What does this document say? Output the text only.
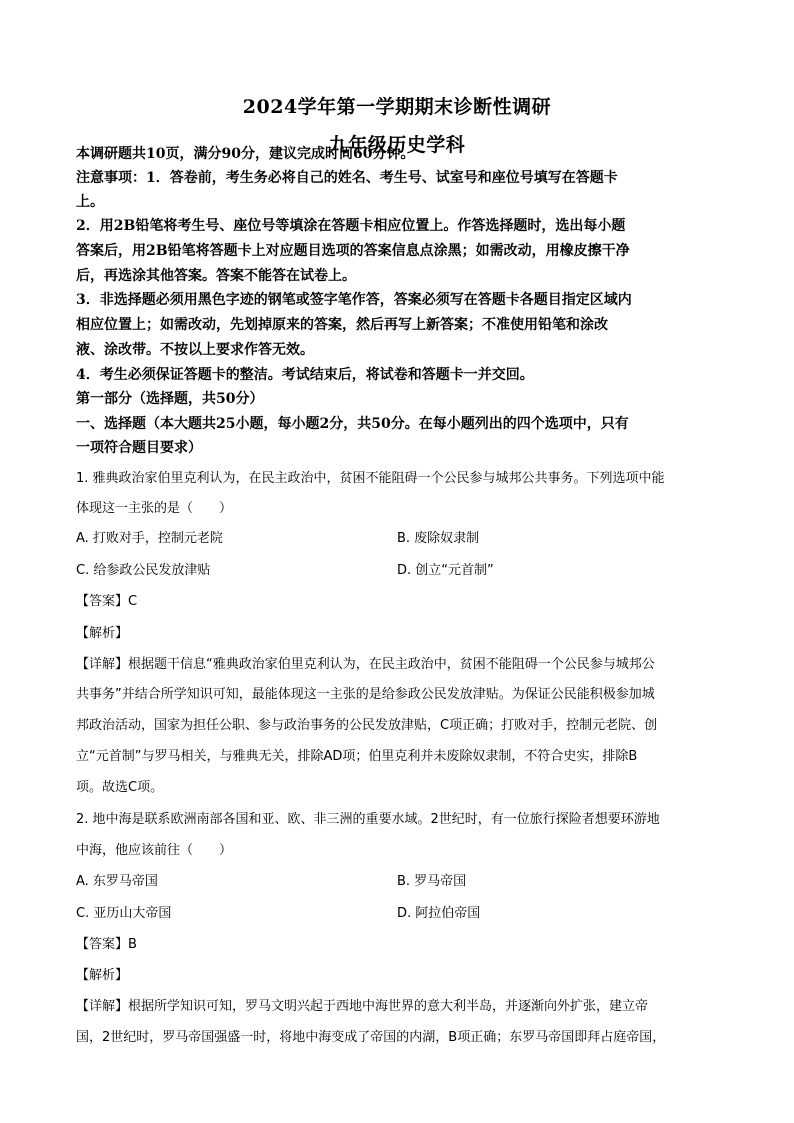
2024学年第一学期期末诊断性调研
九年级历史学科
本调研题共10页，满分90分，建议完成时间60分钟。
注意事项：1．答卷前，考生务必将自己的姓名、考生号、试室号和座位号填写在答题卡
上。
2．用2B铅笔将考生号、座位号等填涂在答题卡相应位置上。作答选择题时，选出每小题
答案后，用2B铅笔将答题卡上对应题目选项的答案信息点涂黑；如需改动，用橡皮擦干净
后，再选涂其他答案。答案不能答在试卷上。
3．非选择题必须用黑色字迹的钢笔或签字笔作答，答案必须写在答题卡各题目指定区域内
相应位置上；如需改动，先划掉原来的答案，然后再写上新答案；不准使用铅笔和涂改
液、涂改带。不按以上要求作答无效。
4．考生必须保证答题卡的整洁。考试结束后，将试卷和答题卡一并交回。
第一部分（选择题，共50分）
一、选择题（本大题共25小题，每小题2分，共50分。在每小题列出的四个选项中，只有
一项符合题目要求）
1. 雅典政治家伯里克利认为，在民主政治中，贫困不能阻碍一个公民参与城邦公共事务。下列选项中能
体现这一主张的是（　　）
A. 打败对手，控制元老院	B. 废除奴隶制
C. 给参政公民发放津贴	D. 创立“元首制”
【答案】C
【解析】
【详解】根据题干信息“雅典政治家伯里克利认为，在民主政治中，贫困不能阻碍一个公民参与城邦公
共事务”并结合所学知识可知，最能体现这一主张的是给参政公民发放津贴。为保证公民能积极参加城
邦政治活动，国家为担任公职、参与政治事务的公民发放津贴，C项正确；打败对手，控制元老院、创
立“元首制”与罗马相关，与雅典无关，排除AD项；伯里克利并未废除奴隶制，不符合史实，排除B
项。故选C项。
2. 地中海是联系欧洲南部各国和亚、欧、非三洲的重要水域。2世纪时，有一位旅行探险者想要环游地
中海，他应该前往（　　）
A. 东罗马帝国	B. 罗马帝国
C. 亚历山大帝国	D. 阿拉伯帝国
【答案】B
【解析】
【详解】根据所学知识可知，罗马文明兴起于西地中海世界的意大利半岛，并逐渐向外扩张，建立帝
国，2世纪时，罗马帝国强盛一时，将地中海变成了帝国的内湖，B项正确；东罗马帝国即拜占庭帝国，
